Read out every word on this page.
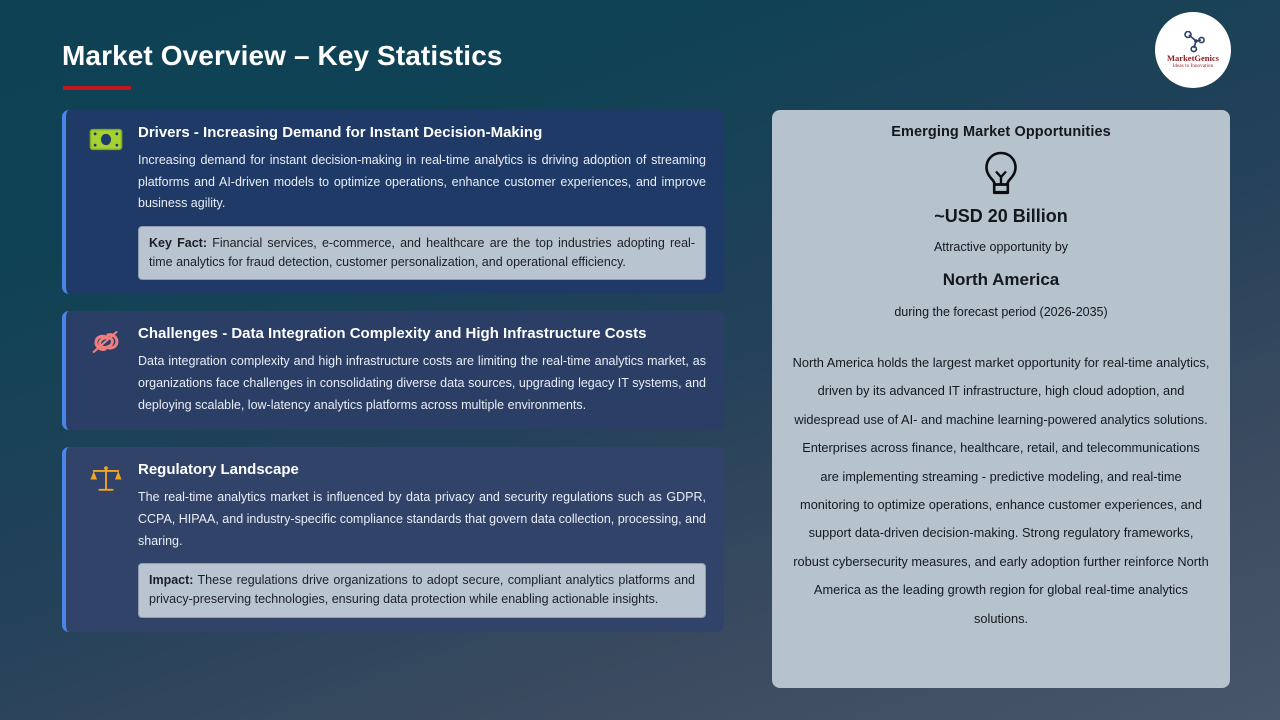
Market Overview – Key Statistics	MarketGenics
Ideas to Innovation
Drivers - Increasing Demand for Instant Decision-Making
Increasing demand for instant decision-making in real-time analytics is driving adoption of streaming platforms and AI-driven models to optimize operations, enhance customer experiences, and improve business agility.
Key Fact: Financial services, e-commerce, and healthcare are the top industries adopting real-time analytics for fraud detection, customer personalization, and operational efficiency.
Challenges - Data Integration Complexity and High Infrastructure Costs
Data integration complexity and high infrastructure costs are limiting the real-time analytics market, as organizations face challenges in consolidating diverse data sources, upgrading legacy IT systems, and deploying scalable, low-latency analytics platforms across multiple environments.
Regulatory Landscape
The real-time analytics market is influenced by data privacy and security regulations such as GDPR, CCPA, HIPAA, and industry-specific compliance standards that govern data collection, processing, and sharing.
Impact: These regulations drive organizations to adopt secure, compliant analytics platforms and privacy-preserving technologies, ensuring data protection while enabling actionable insights.
Emerging Market Opportunities
~USD 20 Billion
Attractive opportunity by
North America
during the forecast period (2026-2035)
North America holds the largest market opportunity for real-time analytics, driven by its advanced IT infrastructure, high cloud adoption, and widespread use of AI- and machine learning-powered analytics solutions. Enterprises across finance, healthcare, retail, and telecommunications are implementing streaming - predictive modeling, and real-time monitoring to optimize operations, enhance customer experiences, and support data-driven decision-making. Strong regulatory frameworks, robust cybersecurity measures, and early adoption further reinforce North America as the leading growth region for global real-time analytics solutions.
